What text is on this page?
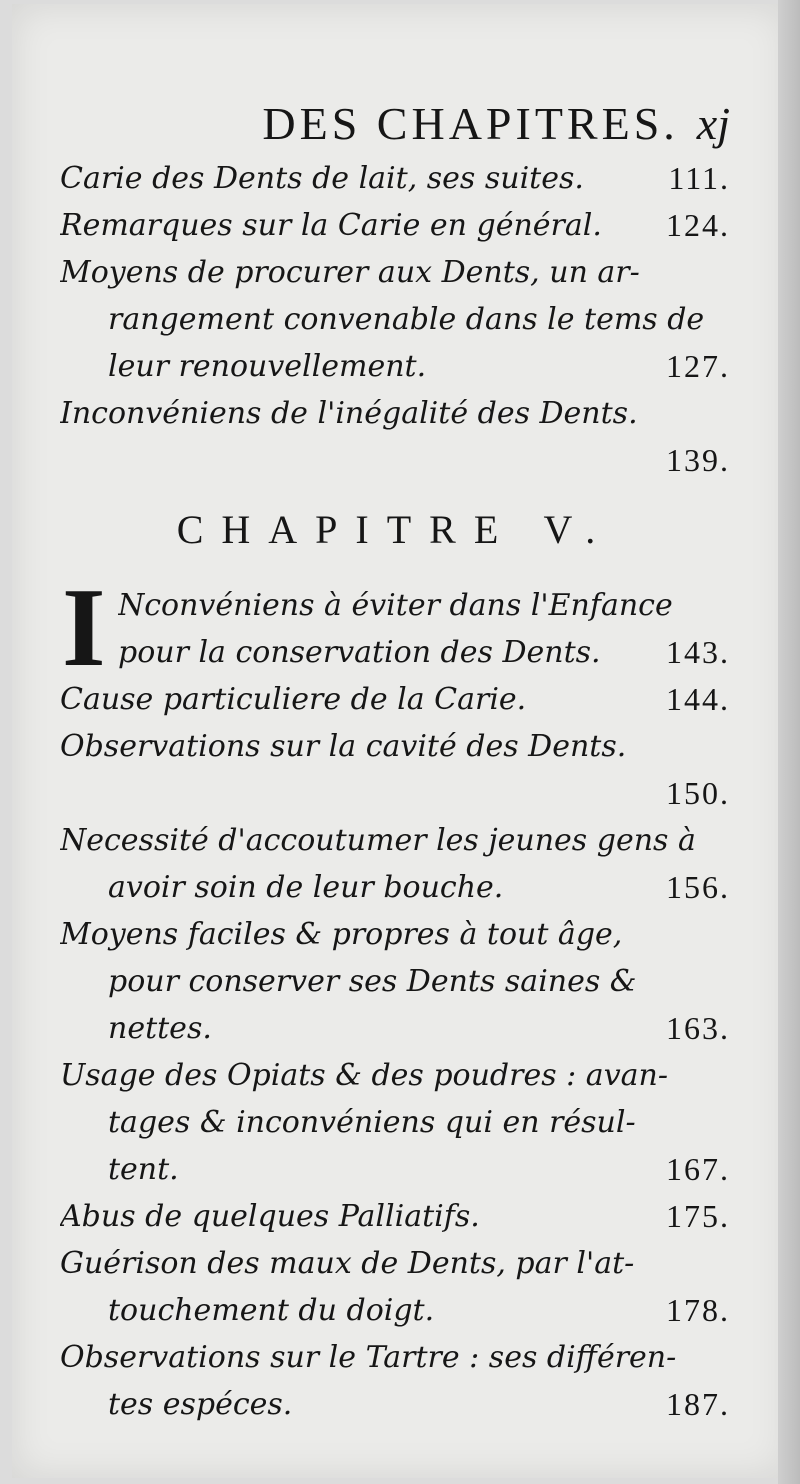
DES CHAPITRES. xj
Carie des Dents de lait, ses suites.	111.
Remarques sur la Carie en général.	124.
Moyens de procurer aux Dents, un ar-
rangement convenable dans le tems de
leur renouvellement.	127.
Inconvéniens de l'inégalité des Dents.
139.
CHAPITRE V.
I Nconvéniens à éviter dans l'Enfance
pour la conservation des Dents.	143.
Cause particuliere de la Carie.	144.
Observations sur la cavité des Dents.
150.
Necessité d'accoutumer les jeunes gens à
avoir soin de leur bouche.	156.
Moyens faciles & propres à tout âge,
pour conserver ses Dents saines &
nettes.	163.
Usage des Opiats & des poudres : avan-
tages & inconvéniens qui en résul-
tent.	167.
Abus de quelques Palliatifs.	175.
Guérison des maux de Dents, par l'at-
touchement du doigt.	178.
Observations sur le Tartre : ses différen-
tes espéces.	187.
